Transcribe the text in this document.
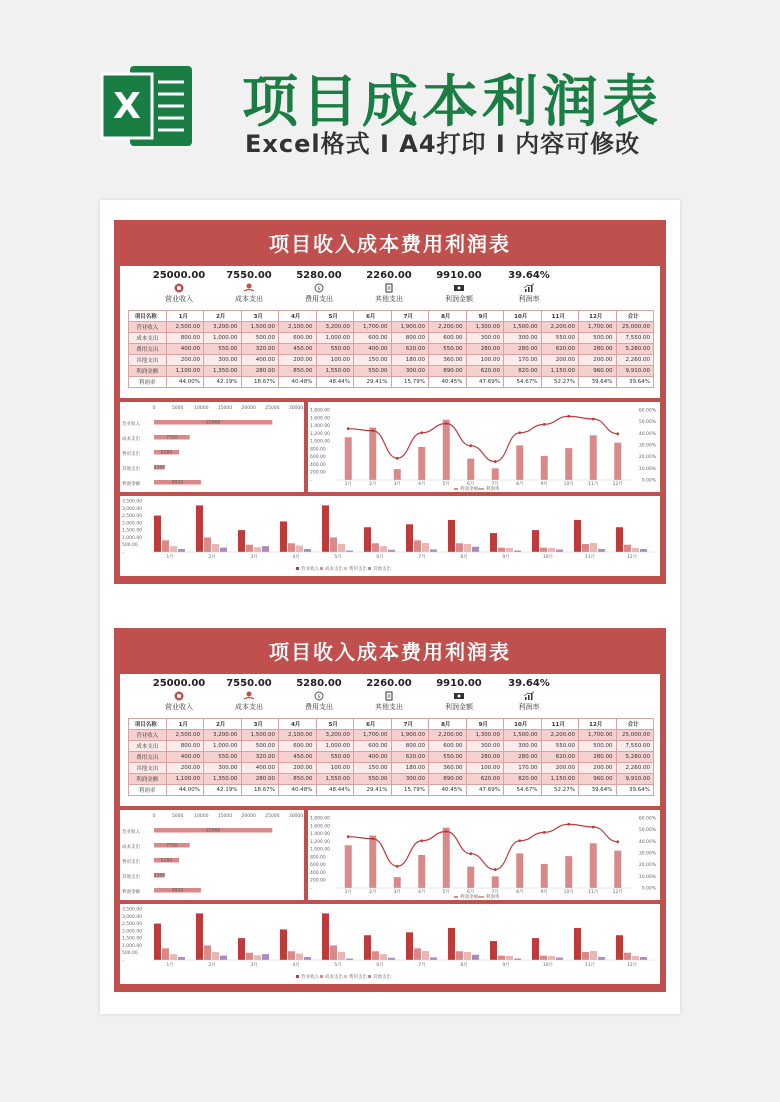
X 项目成本利润表
Excel格式 I A4打印 I 内容可修改
项目收入成本费用利润表
25000.00
营业收入
7550.00
成本支出
5280.00
$
费用支出
2260.00
其他支出
9910.00
利润金额
39.64%
利润率
项目名称	1月	2月	3月	4月	5月	6月	7月	8月	9月	10月	11月	12月	合计
营业收入	2,500.00	3,200.00	1,500.00	2,100.00	3,200.00	1,700.00	1,900.00	2,200.00	1,300.00	1,500.00	2,200.00	1,700.00	25,000.00
成本支出	800.00	1,000.00	500.00	600.00	1,000.00	600.00	800.00	600.00	300.00	300.00	550.00	500.00	7,550.00
费用支出	400.00	550.00	320.00	450.00	550.00	400.00	620.00	550.00	280.00	280.00	620.00	280.00	5,280.00
其他支出	200.00	300.00	400.00	200.00	100.00	150.00	180.00	360.00	100.00	170.00	200.00	200.00	2,260.00
利润金额	1,100.00	1,350.00	280.00	850.00	1,550.00	550.00	300.00	890.00	620.00	820.00	1,150.00	960.00	9,910.00
利润率	44.00%	42.19%	18.67%	40.48%	48.44%	29.41%	15.79%	40.45%	47.69%	54.67%	52.27%	39.64%	39.64%
0	5000 10000 15000 20000 25000 30000
营业收入	25000
成本支出	7550
费用支出	5280
其他支出	2260
利润金额	9910	-
200.00
400.00
600.00
800.00
1,000.00
1,200.00
1,400.00
1,600.00
1,800.00
0.00%
10.00%
20.00%
30.00%
40.00%
50.00%
60.00%
1月	2月	3月	4月	5月	6月	7月	8月	9月	10月	11月	12月
利润金额 利润率
-
500.00
1,000.00
1,500.00
2,000.00
2,500.00
3,000.00
3,500.00
1月	2月	3月	4月	5月	6月	7月	8月	9月	10月	11月	12月
营业收入 成本支出 费用支出 其他支出
项目收入成本费用利润表
25000.00
营业收入
7550.00
成本支出
5280.00
$
费用支出
2260.00
其他支出
9910.00
利润金额
39.64%
利润率
项目名称	1月	2月	3月	4月	5月	6月	7月	8月	9月	10月	11月	12月	合计
营业收入	2,500.00	3,200.00	1,500.00	2,100.00	3,200.00	1,700.00	1,900.00	2,200.00	1,300.00	1,500.00	2,200.00	1,700.00	25,000.00
成本支出	800.00	1,000.00	500.00	600.00	1,000.00	600.00	800.00	600.00	300.00	300.00	550.00	500.00	7,550.00
费用支出	400.00	550.00	320.00	450.00	550.00	400.00	620.00	550.00	280.00	280.00	620.00	280.00	5,280.00
其他支出	200.00	300.00	400.00	200.00	100.00	150.00	180.00	360.00	100.00	170.00	200.00	200.00	2,260.00
利润金额	1,100.00	1,350.00	280.00	850.00	1,550.00	550.00	300.00	890.00	620.00	820.00	1,150.00	960.00	9,910.00
利润率	44.00%	42.19%	18.67%	40.48%	48.44%	29.41%	15.79%	40.45%	47.69%	54.67%	52.27%	39.64%	39.64%
0	5000 10000 15000 20000 25000 30000
营业收入	25000
成本支出	7550
费用支出	5280
其他支出	2260
利润金额	9910	-
200.00
400.00
600.00
800.00
1,000.00
1,200.00
1,400.00
1,600.00
1,800.00
0.00%
10.00%
20.00%
30.00%
40.00%
50.00%
60.00%
1月	2月	3月	4月	5月	6月	7月	8月	9月	10月	11月	12月
利润金额 利润率
-
500.00
1,000.00
1,500.00
2,000.00
2,500.00
3,000.00
3,500.00
1月	2月	3月	4月	5月	6月	7月	8月	9月	10月	11月	12月
营业收入 成本支出 费用支出 其他支出
